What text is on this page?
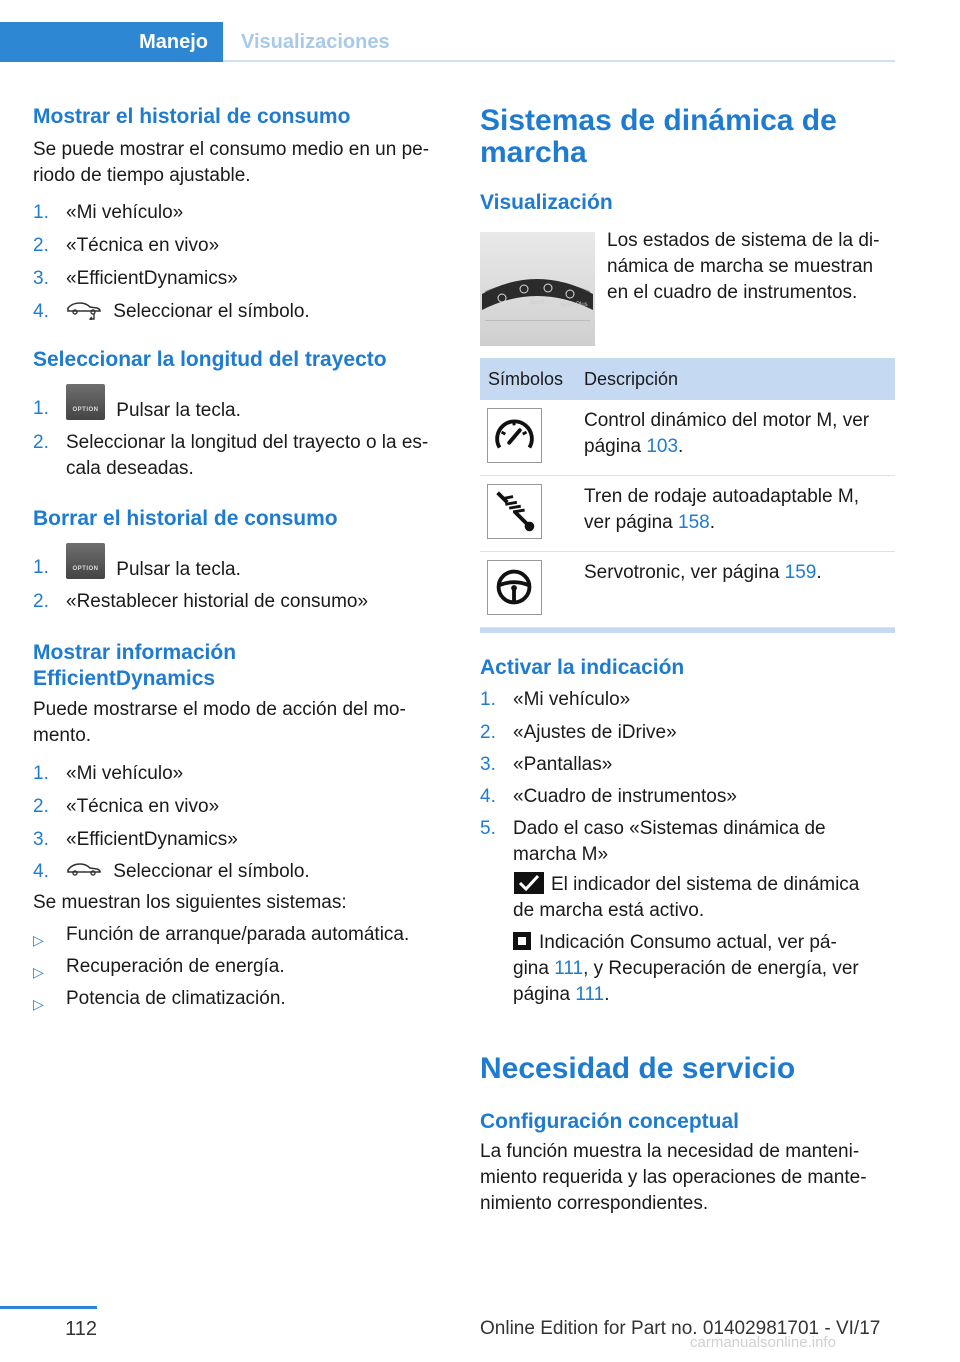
Manejo	Visualizaciones
Mostrar el historial de consumo

Se puede mostrar el consumo medio en un pe-

riodo de tiempo ajustable.

1. «Mi vehículo»
2. «Técnica en vivo»
3. «EfficientDynamics»
4.	Seleccionar el símbolo.
Seleccionar la longitud del trayecto
1.	OPTION Pulsar la tecla.
2. Seleccionar la longitud del trayecto o la es-
cala deseadas.
Borrar el historial de consumo
1.	OPTION Pulsar la tecla.
2. «Restablecer historial de consumo»
Mostrar información
EfficientDynamics

Puede mostrarse el modo de acción del mo-

mento.

1. «Mi vehículo»
2. «Técnica en vivo»
3. «EfficientDynamics»
4.	Seleccionar el símbolo.

Se muestran los siguientes sistemas:

▷ Función de arranque/parada automática.
▷ Recuperación de energía.
▷ Potencia de climatización.
Sistemas de dinámica de
marcha
Visualización

Los estados de sistema de la di-

námica de marcha se muestran

en el cuadro de instrumentos.

Sport	Sport Plus
Símbolos Descripción
Control dinámico del motor M, ver
página 103.
Tren de rodaje autoadaptable M,
ver página 158.
Servotronic, ver página 159.
Activar la indicación
1. «Mi vehículo»
2. «Ajustes de iDrive»
3. «Pantallas»
4. «Cuadro de instrumentos»
5. Dado el caso «Sistemas dinámica de
marcha M»
El indicador del sistema de dinámica
de marcha está activo.
Indicación Consumo actual, ver pá-
gina 111, y Recuperación de energía, ver
página 111.
Necesidad de servicio
Configuración conceptual

La función muestra la necesidad de manteni-

miento requerida y las operaciones de mante-

nimiento correspondientes.

112	Online Edition for Part no. 01402981701 - VI/17
carmanualsonline.info
